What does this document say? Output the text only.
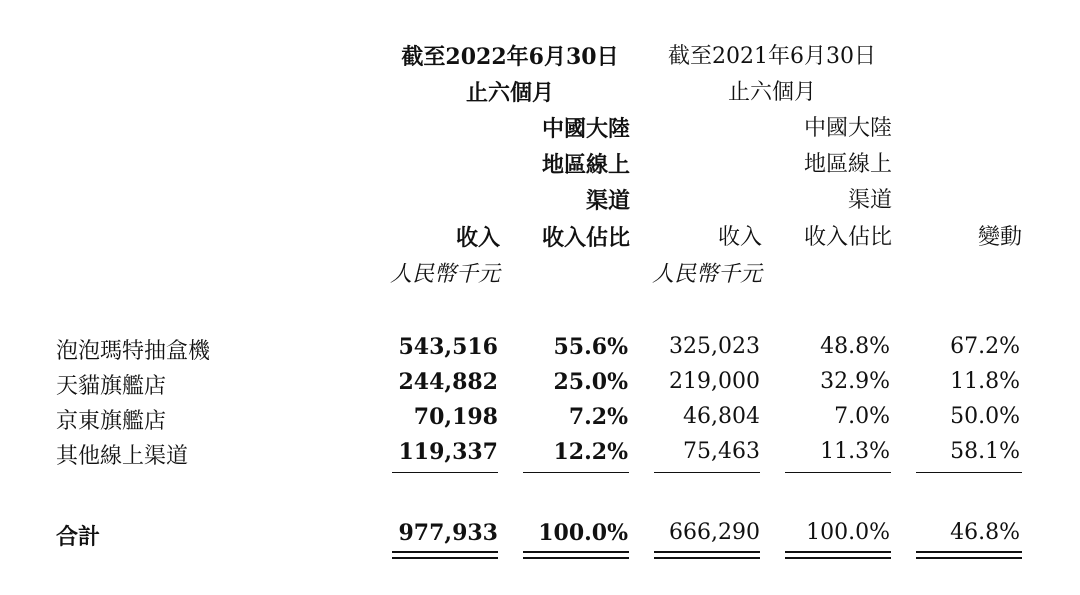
截至2022年6月30日
止六個月
截至2021年6月30日
止六個月
中國大陸
地區線上
渠道
中國大陸
地區線上
渠道
收入	收入佔比	收入	收入佔比	變動
人民幣千元	人民幣千元
泡泡瑪特抽盒機	543,516	55.6%	325,023	48.8%	67.2%
天貓旗艦店	244,882	25.0%	219,000	32.9%	11.8%
京東旗艦店	70,198	7.2%	46,804	7.0%	50.0%
其他線上渠道	119,337	12.2%	75,463	11.3%	58.1%
合計	977,933	100.0%	666,290	100.0%	46.8%
